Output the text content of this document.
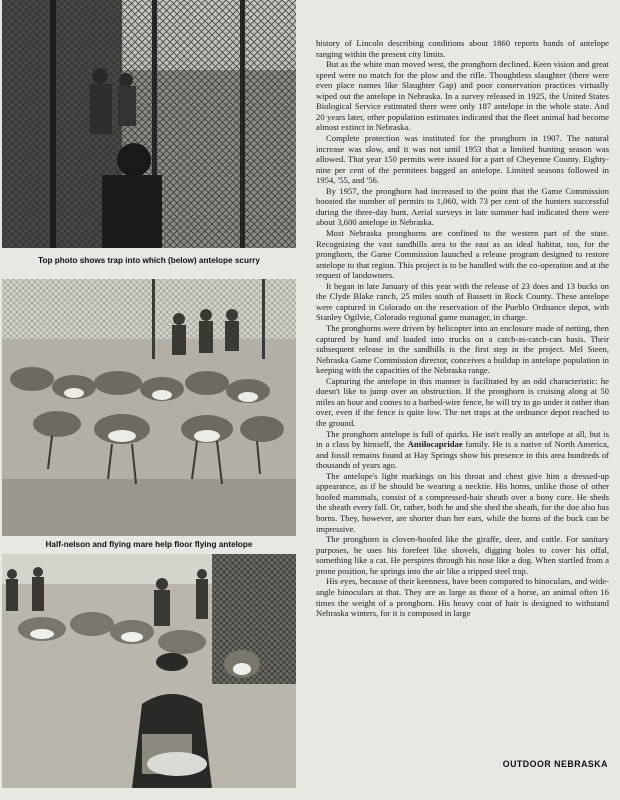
Top photo shows trap into which (below) antelope scurry
Half-nelson and flying mare help floor flying antelope

history of Lincoln describing conditions about 1860 reports bands of antelope ranging within the present city limits.

But as the white man moved west, the pronghorn declined. Keen vision and great speed were no match for the plow and the rifle. Thoughtless slaughter (there were even place names like Slaughter Gap) and poor conservation practices virtually wiped out the antelope in Nebraska. In a survey released in 1925, the United States Biological Service estimated there were only 187 antelope in the whole state. And 20 years later, other population estimates indicated that the fleet animal had become almost extinct in Nebraska.

Complete protection was instituted for the pronghorn in 1907. The natural increase was slow, and it was not until 1953 that a limited hunting season was allowed. That year 150 permits were issued for a part of Cheyenne County. Eighty-nine per cent of the permitees bagged an antelope. Limited seasons followed in 1954, '55, and '56.

By 1957, the pronghorn had increased to the point that the Game Commission boosted the number of permits to 1,060, with 73 per cent of the hunters successful during the three-day hunt. Aerial surveys in late summer had indicated there were about 3,600 antelope in Nebraska.

Most Nebraska pronghorns are confined to the western part of the state. Recognizing the vast sandhills area to the east as an ideal habitat, too, for the pronghorn, the Game Commission launched a release program designed to restore antelope to that region. This project is to be handled with the co-operation and at the request of landowners.

It began in late January of this year with the release of 23 does and 13 bucks on the Clyde Blake ranch, 25 miles south of Bassett in Rock County. These antelope were captured in Colorado on the reservation of the Pueblo Ordnance depot, with Stanley Ogilvie, Colorado regional game manager, in charge.

The pronghorns were driven by helicopter into an enclosure made of netting, then captured by hand and loaded into trucks on a catch-as-catch-can basis. Their subsequent release in the sandhills is the first step in the project. Mel Steen, Nebraska Game Commission director, conceives a buildup in antelope population in keeping with the capacities of the Nebraska range.

Capturing the antelope in this manner is facilitated by an odd characteristic: he doesn't like to jump over an obstruction. If the pronghorn is cruising along at 50 miles an hour and comes to a barbed-wire fence, he will try to go under it rather than over, even if the fence is quite low. The net traps at the ordnance depot reached to the ground.

The pronghorn antelope is full of quirks. He isn't really an antelope at all, but is in a class by himself, the Antilocapridae family. He is a native of North America, and fossil remains found at Hay Springs show his presence in this area hundreds of thousands of years ago.

The antelope's light markings on his throat and chest give him a dressed-up appearance, as if he should be wearing a necktie. His horns, unlike those of other hoofed mammals, consist of a compressed-hair sheath over a bony core. He sheds the sheath every fall. Or, rather, both he and she shed the sheath, for the doe also has horns. They, however, are shorter than her ears, while the horns of the buck can be impressive.

The pronghorn is cloven-hoofed like the giraffe, deer, and cattle. For sanitary purposes, he uses his forefeet like shovels, digging holes to cover his offal, something like a cat. He perspires through his nose like a dog. When startled from a prone position, he springs into the air like a tripped steel trap.

His eyes, because of their keenness, have been compared to binoculars, and wide-angle binoculars at that. They are as large as those of a horse, an animal often 16 times the weight of a pronghorn. His heavy coat of hair is designed to withstand Nebraska winters, for it is composed in large

OUTDOOR NEBRASKA
